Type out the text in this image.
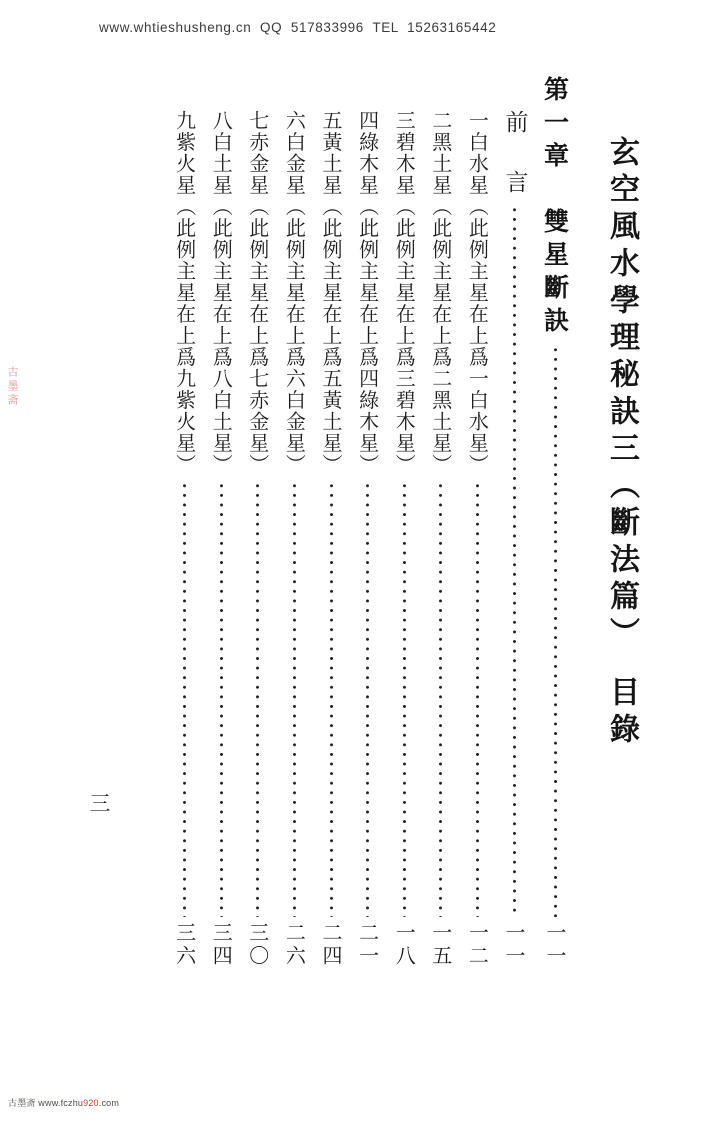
www.whtieshusheng.cn  QQ  517833996  TEL  15263165442
玄空風水學理秘訣三（斷法篇）　目錄
第一章　雙星斷訣
一一
前　言
一一
一白水星（此例主星在上爲一白水星）
一二
二黑土星（此例主星在上爲二黑土星）
一五
三碧木星（此例主星在上爲三碧木星）
一八
四綠木星（此例主星在上爲四綠木星）
二一
五黃土星（此例主星在上爲五黃土星）
二四
六白金星（此例主星在上爲六白金星）
二六
七赤金星（此例主星在上爲七赤金星）
三〇
八白土星（此例主星在上爲八白土星）
三四
九紫火星（此例主星在上爲九紫火星）
三六
三
古墨斋 www.fczhu920.com
古墨斋
